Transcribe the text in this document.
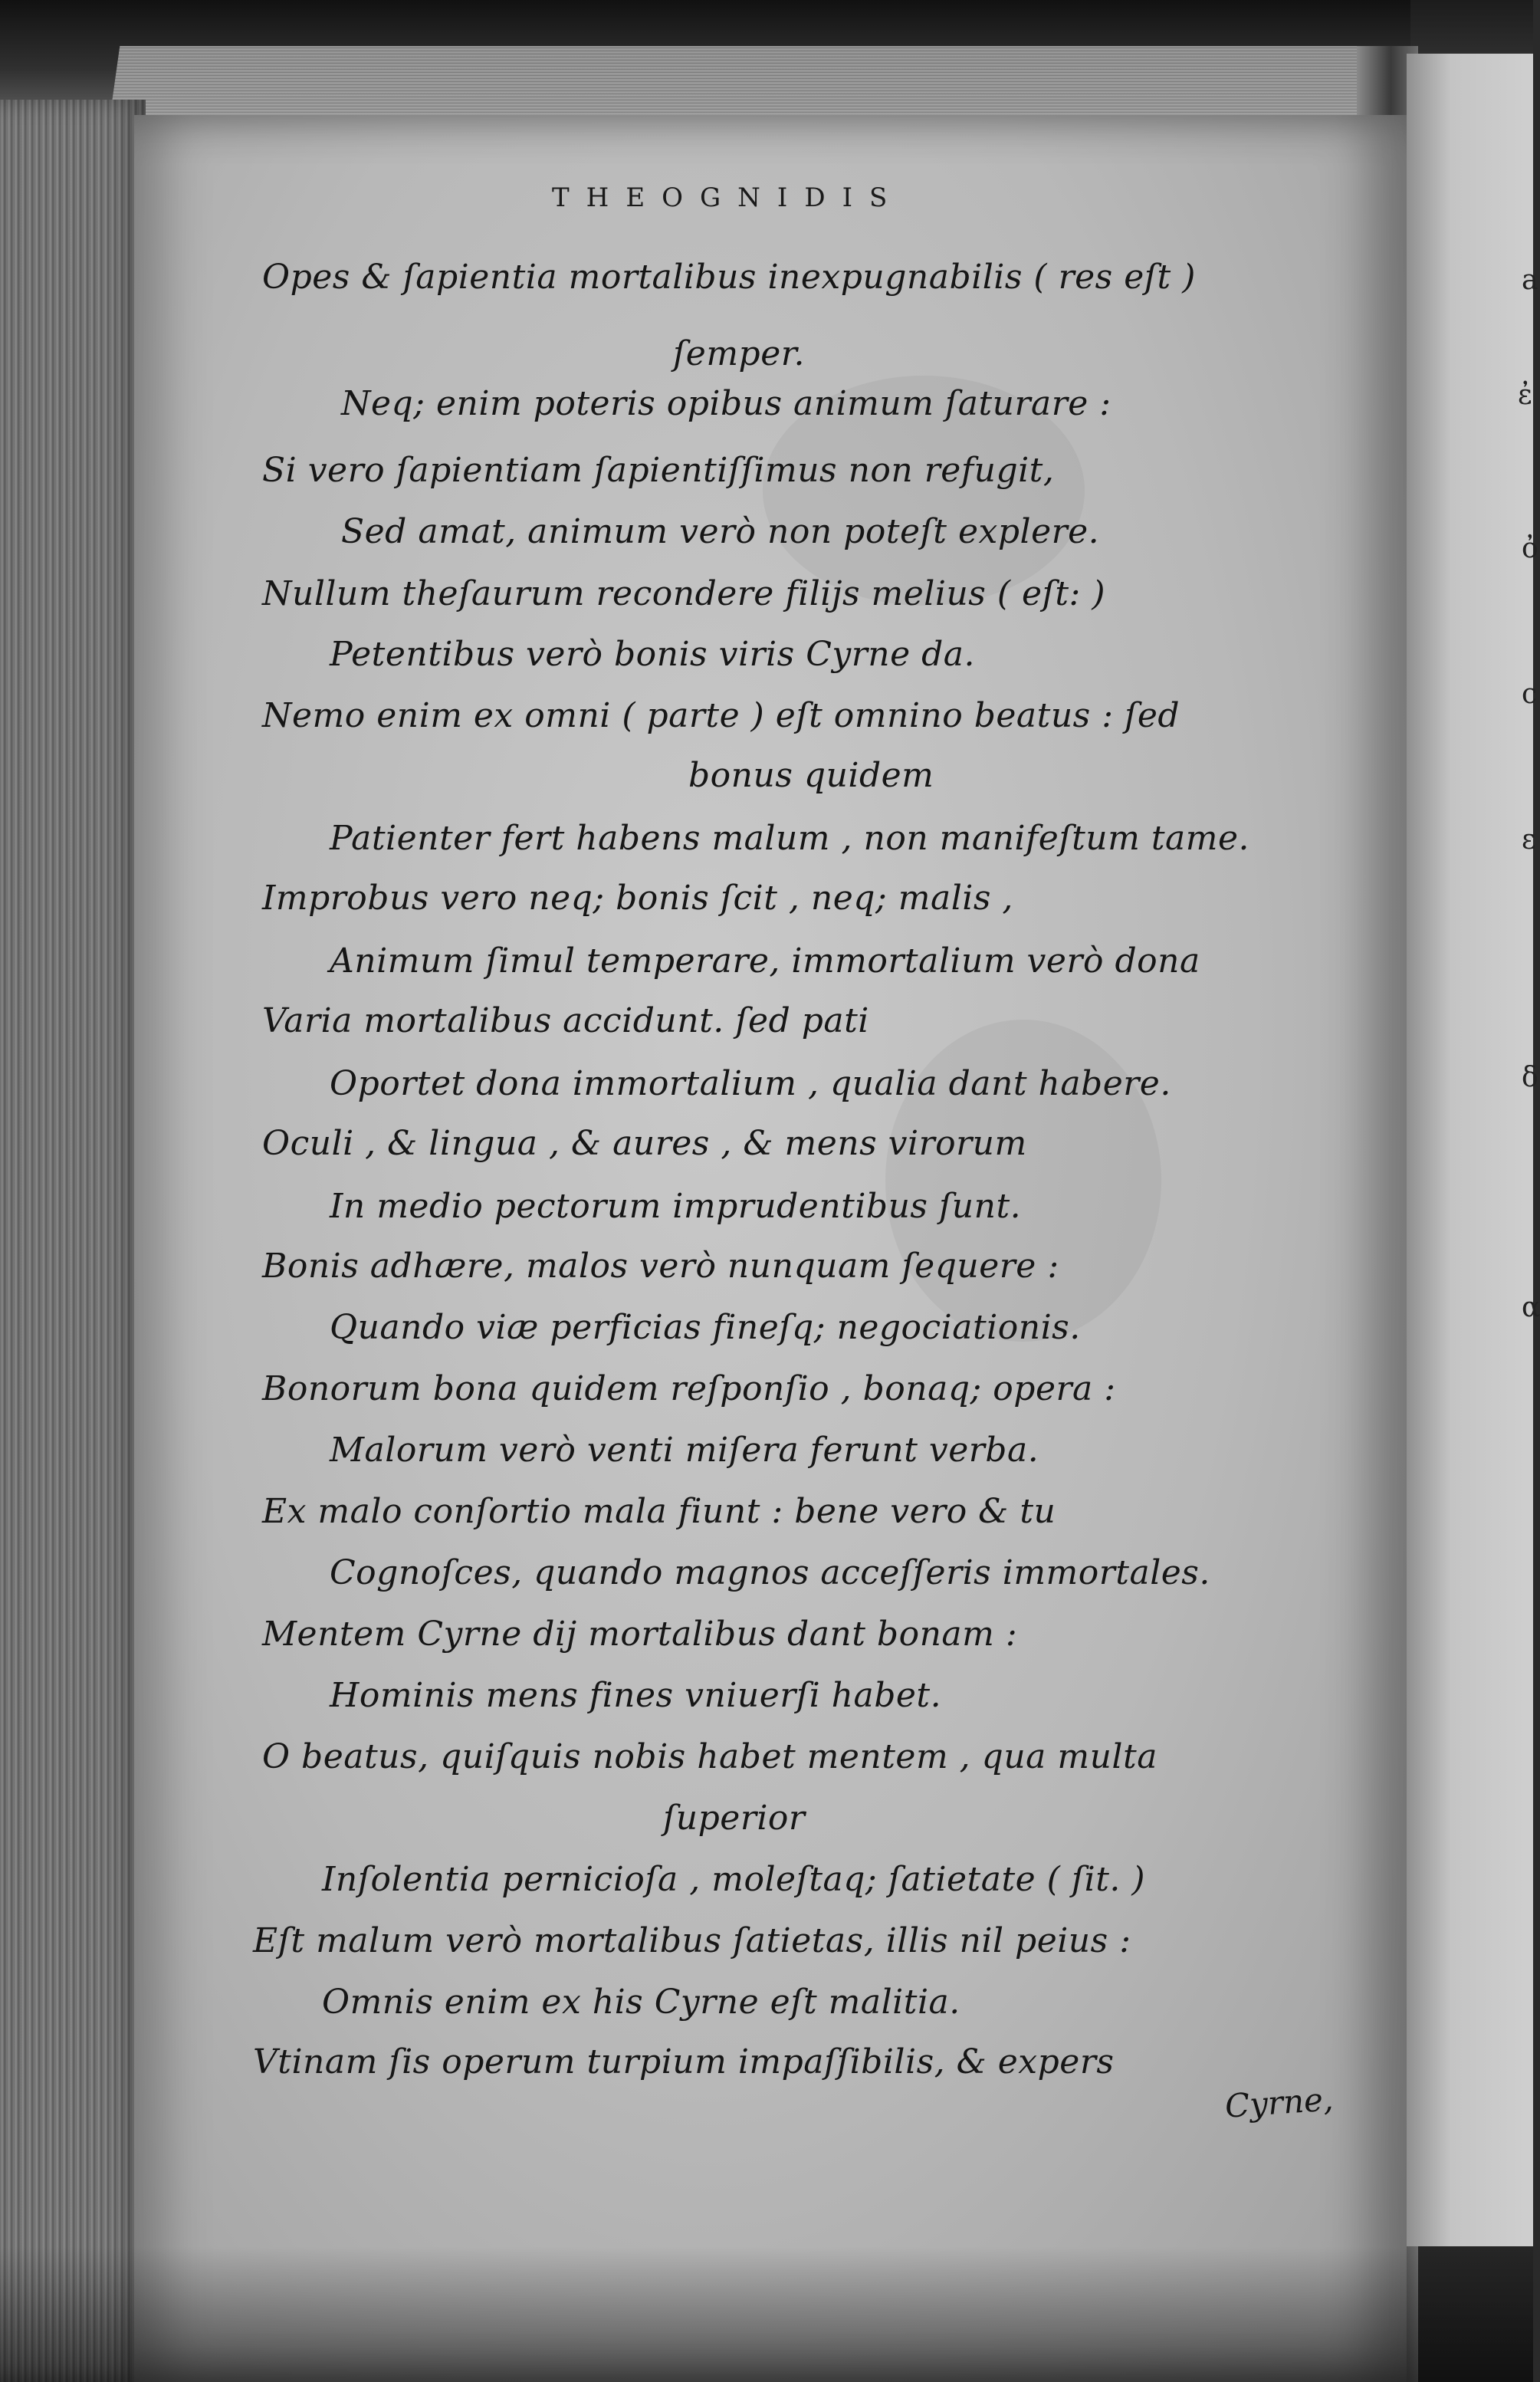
a
ἐ
ὀ
c
ε
δ
α
THEOGNIDIS
Opes & ſapientia mortalibus inexpugnabilis ( res eſt )
ſemper.
Neq; enim poteris opibus animum ſaturare :
Si vero ſapientiam ſapientiſſimus non refugit,
Sed amat, animum verò non poteſt explere.
Nullum theſaurum recondere filijs melius ( eſt: )
Petentibus verò bonis viris Cyrne da.
Nemo enim ex omni ( parte ) eſt omnino beatus : ſed
bonus quidem
Patienter fert habens malum , non manifeſtum tame.
Improbus vero neq; bonis ſcit , neq; malis ,
Animum ſimul temperare, immortalium verò dona
Varia mortalibus accidunt. ſed pati
Oportet dona immortalium , qualia dant habere.
Oculi , & lingua , & aures , & mens virorum
In medio pectorum imprudentibus ſunt.
Bonis adhære, malos verò nunquam ſequere :
Quando viæ perficias fineſq; negociationis.
Bonorum bona quidem reſponſio , bonaq; opera :
Malorum verò venti miſera ferunt verba.
Ex malo conſortio mala fiunt : bene vero & tu
Cognoſces, quando magnos acceſſeris immortales.
Mentem Cyrne dij mortalibus dant bonam :
Hominis mens fines vniuerſi habet.
O beatus, quiſquis nobis habet mentem , qua multa
ſuperior
Inſolentia pernicioſa , moleſtaq; ſatietate ( ſit. )
Eſt malum verò mortalibus ſatietas, illis nil peius :
Omnis enim ex his Cyrne eſt malitia.
Vtinam ſis operum turpium impaſſibilis, & expers
Cyrne,
